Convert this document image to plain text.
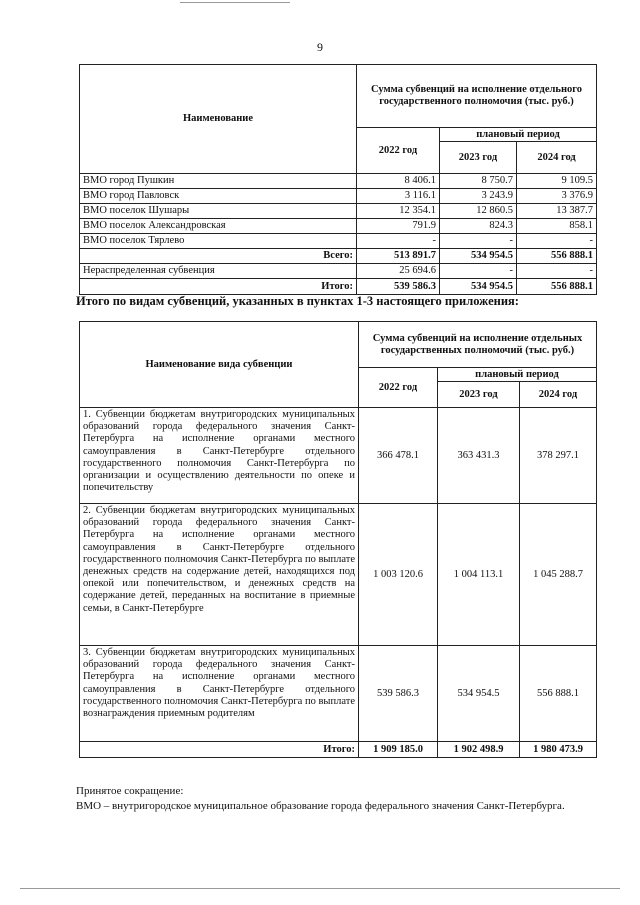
9
Наименование	Сумма субвенций на исполнение отдельного государственного полномочия (тыс. руб.)		
	2022 год	плановый период	
		2023 год	2024 год
ВМО город Пушкин	8 406.1	8 750.7	9 109.5
ВМО город Павловск	3 116.1	3 243.9	3 376.9
ВМО поселок Шушары	12 354.1	12 860.5	13 387.7
ВМО поселок Александровская	791.9	824.3	858.1
ВМО поселок Тярлево	-	-	-
Всего:	513 891.7	534 954.5	556 888.1
Нераспределенная субвенция	25 694.6	-	-
Итого:	539 586.3	534 954.5	556 888.1
Итого по видам субвенций, указанных в пунктах 1-3 настоящего приложения:
Наименование вида субвенции	Сумма субвенций на исполнение отдельных государственных полномочий (тыс. руб.)		
	2022 год	плановый период	
		2023 год	2024 год
1. Субвенции бюджетам внутригородских муниципальных образований города федерального значения Санкт-Петербурга на исполнение органами местного самоуправления в Санкт-Петербурге отдельного государственного полномочия Санкт-Петербурга по организации и осуществлению деятельности по опеке и попечительству	366 478.1	363 431.3	378 297.1
2. Субвенции бюджетам внутригородских муниципальных образований города федерального значения Санкт-Петербурга на исполнение органами местного самоуправления в Санкт-Петербурге отдельного государственного полномочия Санкт-Петербурга по выплате денежных средств на содержание детей, находящихся под опекой или попечительством, и денежных средств на содержание детей, переданных на воспитание в приемные семьи, в Санкт-Петербурге	1 003 120.6	1 004 113.1	1 045 288.7
3. Субвенции бюджетам внутригородских муниципальных образований города федерального значения Санкт-Петербурга на исполнение органами местного самоуправления в Санкт-Петербурге отдельного государственного полномочия Санкт-Петербурга по выплате вознаграждения приемным родителям	539 586.3	534 954.5	556 888.1
Итого:	1 909 185.0	1 902 498.9	1 980 473.9
Принятое сокращение:
ВМО – внутригородское муниципальное образование города федерального значения Санкт-Петербурга.
